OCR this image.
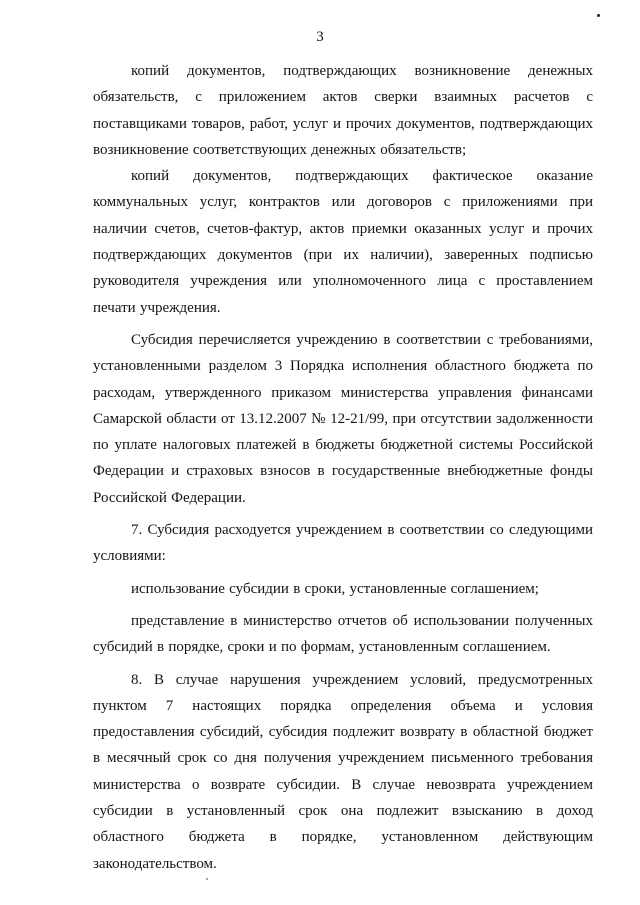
3

копий документов, подтверждающих возникновение денежных обязательств, с приложением актов сверки взаимных расчетов с поставщиками товаров, работ, услуг и прочих документов, подтверждающих возникновение соответствующих денежных обязательств;

копий документов, подтверждающих фактическое оказание коммунальных услуг, контрактов или договоров с приложениями при наличии счетов, счетов-фактур, актов приемки оказанных услуг и прочих подтверждающих документов (при их наличии), заверенных подписью руководителя учреждения или уполномоченного лица с проставлением печати учреждения.

Субсидия перечисляется учреждению в соответствии с требованиями, установленными разделом 3 Порядка исполнения областного бюджета по расходам, утвержденного приказом министерства управления финансами Самарской области от 13.12.2007 № 12-21/99, при отсутствии задолженности по уплате налоговых платежей в бюджеты бюджетной системы Российской Федерации и страховых взносов в государственные внебюджетные фонды Российской Федерации.

7. Субсидия расходуется учреждением в соответствии со следующими условиями:

использование субсидии в сроки, установленные соглашением;

представление в министерство отчетов об использовании полученных субсидий в порядке, сроки и по формам, установленным соглашением.

8. В случае нарушения учреждением условий, предусмотренных пунктом 7 настоящих порядка определения объема и условия предоставления субсидий, субсидия подлежит возврату в областной бюджет в месячный срок со дня получения учреждением письменного требования министерства о возврате субсидии. В случае невозврата учреждением субсидии в установленный срок она подлежит взысканию в доход областного бюджета в порядке, установленном действующим законодательством.
